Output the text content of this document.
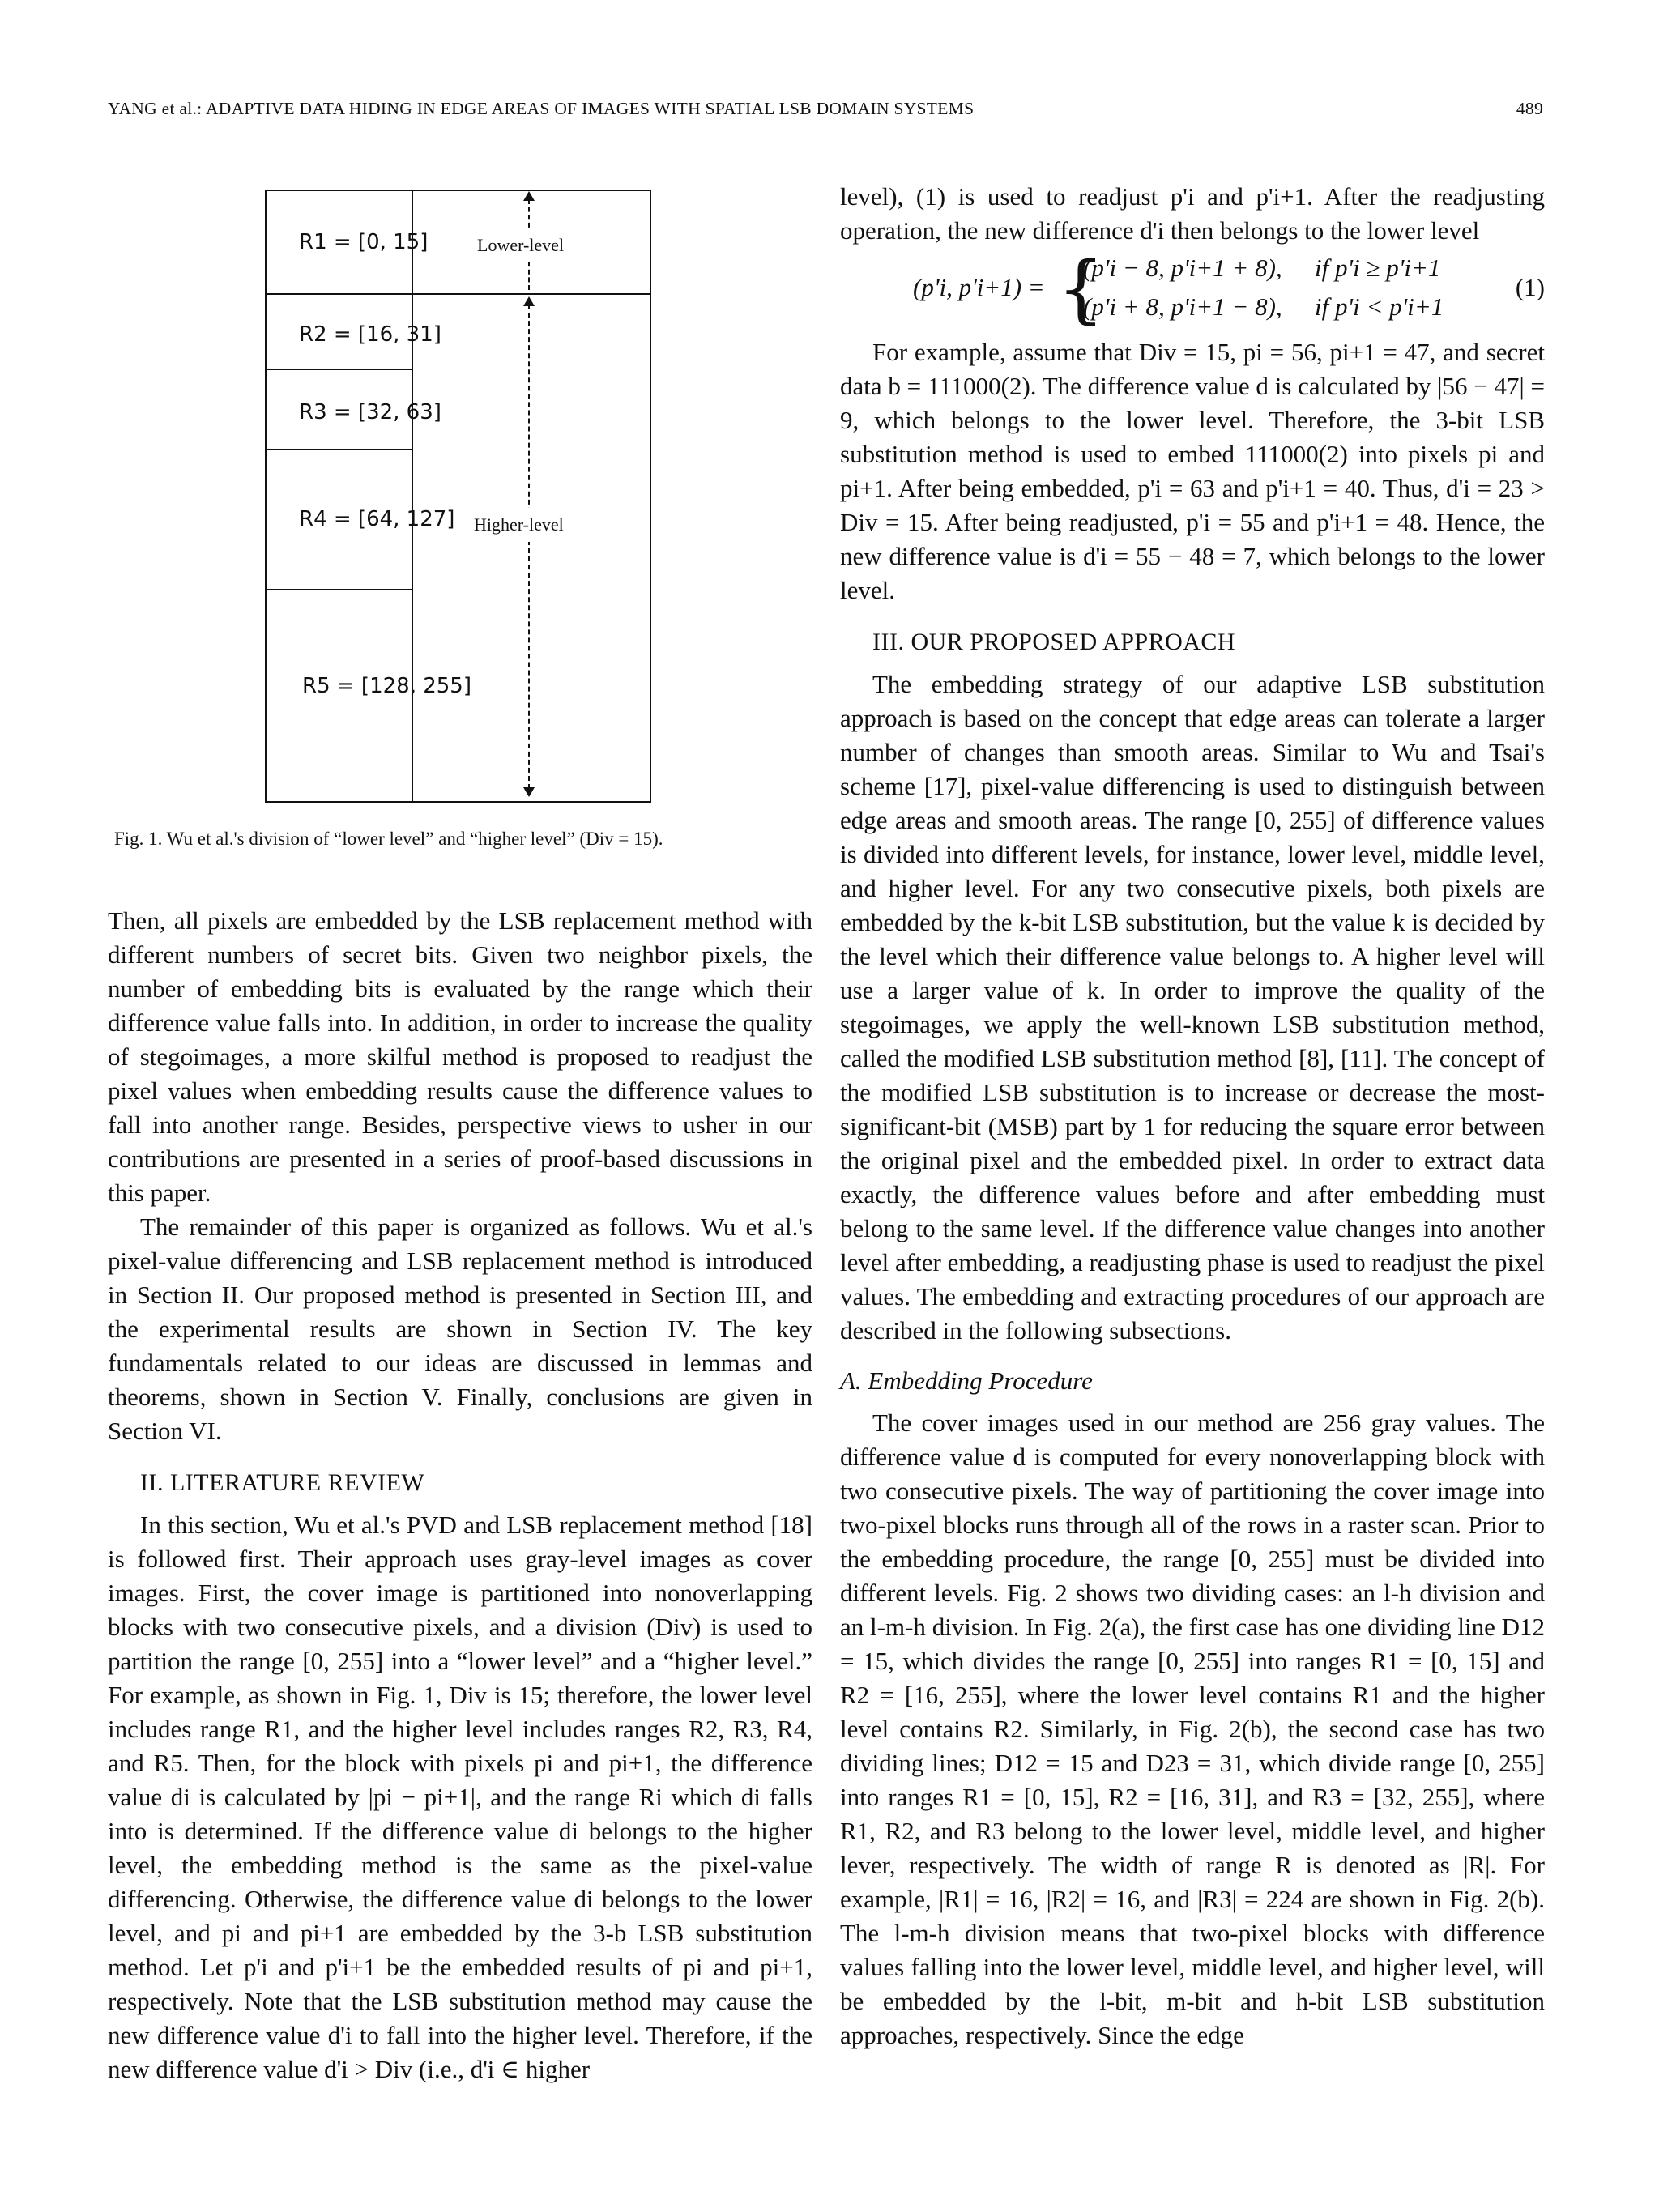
YANG et al.: ADAPTIVE DATA HIDING IN EDGE AREAS OF IMAGES WITH SPATIAL LSB DOMAIN SYSTEMS	489
R1 = [0, 15]
R2 = [16, 31]
R3 = [32, 63]
R4 = [64, 127]
R5 = [128, 255]
Lower-level
Higher-level
Fig. 1. Wu et al.'s division of “lower level” and “higher level” (Div = 15).

Then, all pixels are embedded by the LSB replacement method with different numbers of secret bits. Given two neighbor pixels, the number of embedding bits is evaluated by the range which their difference value falls into. In addition, in order to increase the quality of stegoimages, a more skilful method is proposed to readjust the pixel values when embedding results cause the difference values to fall into another range. Besides, perspective views to usher in our contributions are presented in a series of proof-based discussions in this paper.

The remainder of this paper is organized as follows. Wu et al.'s pixel-value differencing and LSB replacement method is introduced in Section II. Our proposed method is presented in Section III, and the experimental results are shown in Section IV. The key fundamentals related to our ideas are discussed in lemmas and theorems, shown in Section V. Finally, conclusions are given in Section VI.

II. LITERATURE REVIEW

In this section, Wu et al.'s PVD and LSB replacement method [18] is followed first. Their approach uses gray-level images as cover images. First, the cover image is partitioned into nonoverlapping blocks with two consecutive pixels, and a division (Div) is used to partition the range [0, 255] into a “lower level” and a “higher level.” For example, as shown in Fig. 1, Div is 15; therefore, the lower level includes range R1, and the higher level includes ranges R2, R3, R4, and R5. Then, for the block with pixels pi and pi+1, the difference value di is calculated by |pi − pi+1|, and the range Ri which di falls into is determined. If the difference value di belongs to the higher level, the embedding method is the same as the pixel-value differencing. Otherwise, the difference value di belongs to the lower level, and pi and pi+1 are embedded by the 3-b LSB substitution method. Let p'i and p'i+1 be the embedded results of pi and pi+1, respectively. Note that the LSB substitution method may cause the new difference value d'i to fall into the higher level. Therefore, if the new difference value d'i > Div (i.e., d'i ∈ higher

level), (1) is used to readjust p'i and p'i+1. After the readjusting operation, the new difference d'i then belongs to the lower level

(p'i, p'i+1) = {
(p'i − 8, p'i+1 + 8), if p'i ≥ p'i+1
(p'i + 8, p'i+1 − 8), if p'i < p'i+1
(1)

For example, assume that Div = 15, pi = 56, pi+1 = 47, and secret data b = 111000(2). The difference value d is calculated by |56 − 47| = 9, which belongs to the lower level. Therefore, the 3-bit LSB substitution method is used to embed 111000(2) into pixels pi and pi+1. After being embedded, p'i = 63 and p'i+1 = 40. Thus, d'i = 23 > Div = 15. After being readjusted, p'i = 55 and p'i+1 = 48. Hence, the new difference value is d'i = 55 − 48 = 7, which belongs to the lower level.

III. OUR PROPOSED APPROACH

The embedding strategy of our adaptive LSB substitution approach is based on the concept that edge areas can tolerate a larger number of changes than smooth areas. Similar to Wu and Tsai's scheme [17], pixel-value differencing is used to distinguish between edge areas and smooth areas. The range [0, 255] of difference values is divided into different levels, for instance, lower level, middle level, and higher level. For any two consecutive pixels, both pixels are embedded by the k-bit LSB substitution, but the value k is decided by the level which their difference value belongs to. A higher level will use a larger value of k. In order to improve the quality of the stegoimages, we apply the well-known LSB substitution method, called the modified LSB substitution method [8], [11]. The concept of the modified LSB substitution is to increase or decrease the most-significant-bit (MSB) part by 1 for reducing the square error between the original pixel and the embedded pixel. In order to extract data exactly, the difference values before and after embedding must belong to the same level. If the difference value changes into another level after embedding, a readjusting phase is used to readjust the pixel values. The embedding and extracting procedures of our approach are described in the following subsections.

A. Embedding Procedure

The cover images used in our method are 256 gray values. The difference value d is computed for every nonoverlapping block with two consecutive pixels. The way of partitioning the cover image into two-pixel blocks runs through all of the rows in a raster scan. Prior to the embedding procedure, the range [0, 255] must be divided into different levels. Fig. 2 shows two dividing cases: an l-h division and an l-m-h division. In Fig. 2(a), the first case has one dividing line D12 = 15, which divides the range [0, 255] into ranges R1 = [0, 15] and R2 = [16, 255], where the lower level contains R1 and the higher level contains R2. Similarly, in Fig. 2(b), the second case has two dividing lines; D12 = 15 and D23 = 31, which divide range [0, 255] into ranges R1 = [0, 15], R2 = [16, 31], and R3 = [32, 255], where R1, R2, and R3 belong to the lower level, middle level, and higher lever, respectively. The width of range R is denoted as |R|. For example, |R1| = 16, |R2| = 16, and |R3| = 224 are shown in Fig. 2(b). The l-m-h division means that two-pixel blocks with difference values falling into the lower level, middle level, and higher level, will be embedded by the l-bit, m-bit and h-bit LSB substitution approaches, respectively. Since the edge
